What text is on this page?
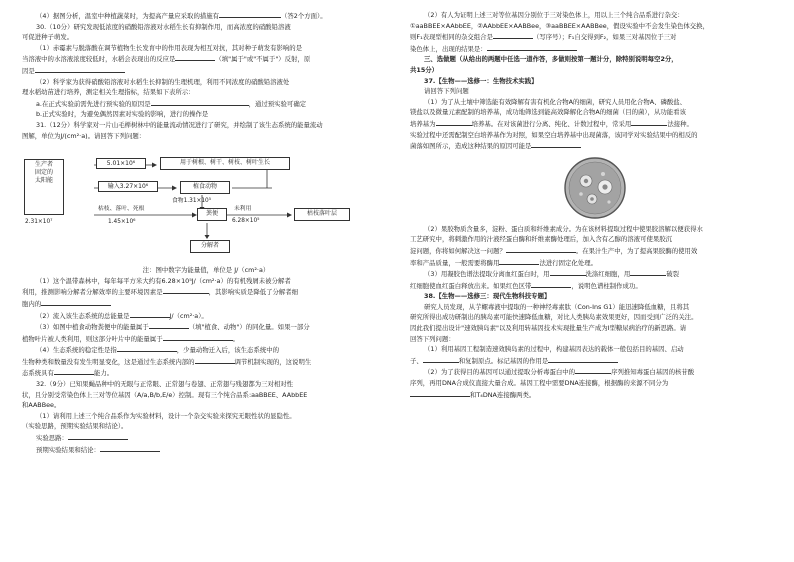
（4）据图分析，温室中种植蔬菜时，为提高产量应采取的措施有	（答2个方面）。

30.（10分）研究发现低浓度的硝酸铅溶液对水稻生长有抑制作用，而高浓度的硝酸铅溶液

可促进种子萌发。

（1）赤霉素与脱落酸在调节植物生长发育中的作用表现为相互对抗，其对种子萌发有影响的是

当溶液中的水溶液浓度较低时，水稻会表现出的反应是	（填"属于"或"不属于"）反射，原

因是

（2）科学家为获得硝酸铅溶液对水稻生长抑制的生理机理，利用不同浓度的硝酸铅溶液处

理水稻幼苗进行培养，测定相关生理指标，结果如下表所示：

a.在正式实验前需先进行预实验的原因是	，通过预实验可确定

b.正式实验时，为避免偶然因素对实验的影响，进行的操作是

31.（12分）科学家对一片山毛榉树林中的能量流动情况进行了研究，并绘制了该生态系统的能量流动

图解，单位为J/(cm²·a)。请回答下列问题：

生产者
固定的
太阳能
2.31×10⁷
5.01×10⁶	用于树根、树干、树枝、树叶生长
输入3.27×10⁶	植食动物
食物1.31×10⁵
枯枝、落叶、死根
1.45×10⁶
粪便
未利用
6.28×10⁵
枯枝落叶层
分解者

注：图中数字为能量值，单位是 J/（cm²·a）

（1）这个温带森林中，每年每平方米大约有6.28×10⁵J/（cm²·a）的有机残屑未被分解者

利用，推测影响分解者分解效率的主要环境因素是	，其影响实质是降低了分解者细

胞内的

（2）流入该生态系统的总能量是	J/（cm²·a）。

（3）如图中植食动物粪便中的能量属于	（填"植食、动物"）的同化量。如果一部分

植物叶片被人类利用，则这部分叶片中的能量属于	。

（4）生态系统的稳定性是指	，少量动物迁入后，该生态系统中的

生物种类和数量没有发生明显变化，这是通过生态系统内部的	调节机制实现的，这说明生

态系统具有	能力。

32.（9分）已知果蝇品种中的无眼与正常眼、正常翅与卷翅、正常翅与残翅都为三对相对性

状，且分别受常染色体上三对等位基因（A/a,B/b,E/e）控制。现有三个纯合品系:aaBBEE、AAbbEE

和AABBee。

（1）请利用上述三个纯合品系作为实验材料，设计一个杂交实验来探究无眼性状的显隐性。

（实验思路，预期实验结果和结论）。

实验思路：

预期实验结果和结论：

（2）有人为证明上述三对等位基因分别位于三对染色体上，用以上三个纯合品系进行杂交：

①aaBBEE×AAbbEE，②AAbbEE×AABBee，③aaBBEE×AABBee，假设实验中不会发生染色体交换，

则F₁表现型相同的杂交组合是	（写序号）；F₁自交得到F₂，如果三对基因位于三对

染色体上，出现的结果是：

三、选做题（从给出的两题中任选一道作答，多做则按第一题计分，除特别说明每空2分，

共15分）

37.【生物——选修一：生物技术实践】

请回答下列问题

（1）为了从土壤中筛选能有效降解有害有机化合物A的细菌，研究人员用化合物A、磷酸盐、

镁盐以及微量元素配制的培养基，成功地筛选到能高效降解化合物A的细菌（目的菌），从功能看该

培养基为	培养基。在对该菌进行分离、纯化、计数过程中，常采用	法接种。

实验过程中还需配制空白培养基作为对照，如果空白培养基中出现菌落，该同学对实验结果中的相反的

菌落如图所示，造成这种结果的原因可能是

（2）果胶物质含量多，淀粉、蛋白质和纤维素成分。为在该材料提取过程中使果胶溶解以便获得水

工艺研究中，将刺激作用的汁液经蛋白酶和纤维素酶处理后，加入含有乙醇的溶液可使果胶沉

淀问题，你将如何解决这一问题？	。在果汁生产中，为了提高果胶酶的使用效

率和产品质量，一般需要将酶用	法进行固定化处理。

（3）用凝胶色谱法提取分离血红蛋白时，用	洗涤红细胞，用	破裂

红细胞使血红蛋白释放出来。如果红色区带	，说明色谱柱制作成功。

38.【生物——选修三：现代生物科技专题】

研究人员发现，从芋螺毒液中提取的一种神经毒素肽（Con-Ins G1）能迅速降低血糖，且将其

研究所得出成功研制出的胰岛素可能快速降低血糖，对比人类胰岛素效果更好，因而受到广泛的关注。

因此我们提出设计"速效胰岛素"以及利用转基因技术实现批量生产成为Ⅰ型糖尿病治疗的新思路。请

回答下列问题：

（1）利用基因工程制造速效胰岛素的过程中，构建基因表达的载体一般包括目的基因、启动

子、	和复制原点。标记基因的作用是

（2）为了获得目的基因可以通过提取分析毒蛋白中的	序列推知毒蛋白基因的核苷酸

序列，再用DNA合成仪直接大量合成。基因工程中需要DNA连接酶，根据酶的来源不同分为

和T₄DNA连接酶两类。
